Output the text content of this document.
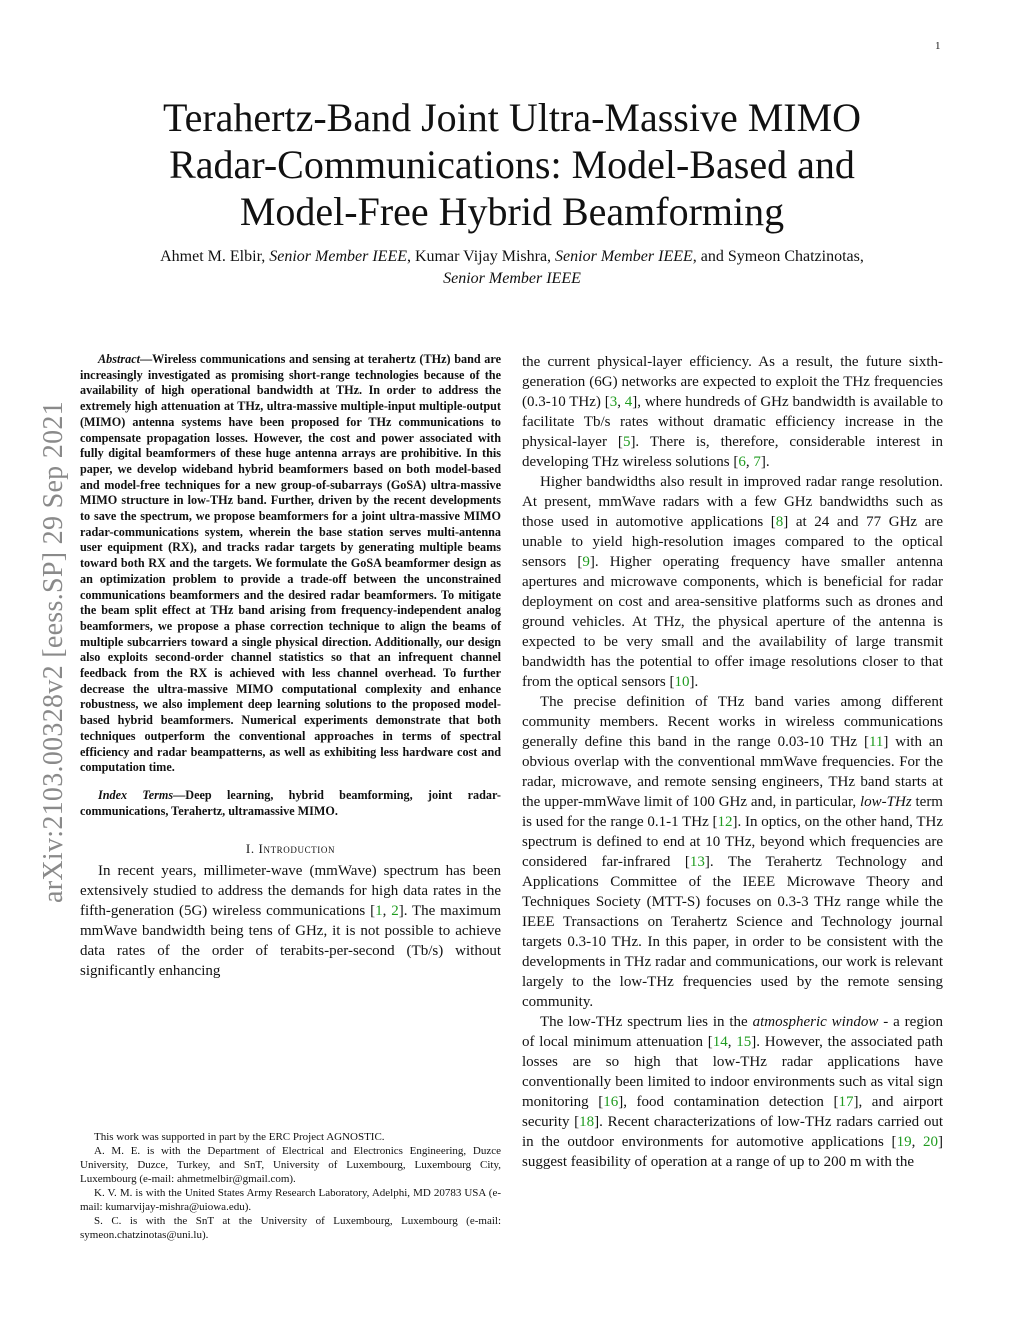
1
arXiv:2103.00328v2 [eess.SP] 29 Sep 2021
Terahertz-Band Joint Ultra-Massive MIMO
Radar-Communications: Model-Based and
Model-Free Hybrid Beamforming
Ahmet M. Elbir, Senior Member IEEE, Kumar Vijay Mishra, Senior Member IEEE, and Symeon Chatzinotas,
Senior Member IEEE

Abstract—Wireless communications and sensing at terahertz (THz) band are increasingly investigated as promising short-range technologies because of the availability of high operational bandwidth at THz. In order to address the extremely high attenuation at THz, ultra-massive multiple-input multiple-output (MIMO) antenna systems have been proposed for THz communications to compensate propagation losses. However, the cost and power associated with fully digital beamformers of these huge antenna arrays are prohibitive. In this paper, we develop wideband hybrid beamformers based on both model-based and model-free techniques for a new group-of-subarrays (GoSA) ultra-massive MIMO structure in low-THz band. Further, driven by the recent developments to save the spectrum, we propose beamformers for a joint ultra-massive MIMO radar-communications system, wherein the base station serves multi-antenna user equipment (RX), and tracks radar targets by generating multiple beams toward both RX and the targets. We formulate the GoSA beamformer design as an optimization problem to provide a trade-off between the unconstrained communications beamformers and the desired radar beamformers. To mitigate the beam split effect at THz band arising from frequency-independent analog beamformers, we propose a phase correction technique to align the beams of multiple subcarriers toward a single physical direction. Additionally, our design also exploits second-order channel statistics so that an infrequent channel feedback from the RX is achieved with less channel overhead. To further decrease the ultra-massive MIMO computational complexity and enhance robustness, we also implement deep learning solutions to the proposed model-based hybrid beamformers. Numerical experiments demonstrate that both techniques outperform the conventional approaches in terms of spectral efficiency and radar beampatterns, as well as exhibiting less hardware cost and computation time.

Index Terms—Deep learning, hybrid beamforming, joint radar-communications, Terahertz, ultramassive MIMO.

I. Introduction

In recent years, millimeter-wave (mmWave) spectrum has been extensively studied to address the demands for high data rates in the fifth-generation (5G) wireless communications [1, 2]. The maximum mmWave bandwidth being tens of GHz, it is not possible to achieve data rates of the order of terabits-per-second (Tb/s) without significantly enhancing

This work was supported in part by the ERC Project AGNOSTIC.

A. M. E. is with the Department of Electrical and Electronics Engineering, Duzce University, Duzce, Turkey, and SnT, University of Luxembourg, Luxembourg City, Luxembourg (e-mail: ahmetmelbir@gmail.com).

K. V. M. is with the United States Army Research Laboratory, Adelphi, MD 20783 USA (e-mail: kumarvijay-mishra@uiowa.edu).

S. C. is with the SnT at the University of Luxembourg, Luxembourg (e-mail: symeon.chatzinotas@uni.lu).

the current physical-layer efficiency. As a result, the future sixth-generation (6G) networks are expected to exploit the THz frequencies (0.3-10 THz) [3, 4], where hundreds of GHz bandwidth is available to facilitate Tb/s rates without dramatic efficiency increase in the physical-layer [5]. There is, therefore, considerable interest in developing THz wireless solutions [6, 7].

Higher bandwidths also result in improved radar range resolution. At present, mmWave radars with a few GHz bandwidths such as those used in automotive applications [8] at 24 and 77 GHz are unable to yield high-resolution images compared to the optical sensors [9]. Higher operating frequency have smaller antenna apertures and microwave components, which is beneficial for radar deployment on cost and area-sensitive platforms such as drones and ground vehicles. At THz, the physical aperture of the antenna is expected to be very small and the availability of large transmit bandwidth has the potential to offer image resolutions closer to that from the optical sensors [10].

The precise definition of THz band varies among different community members. Recent works in wireless communications generally define this band in the range 0.03-10 THz [11] with an obvious overlap with the conventional mmWave frequencies. For the radar, microwave, and remote sensing engineers, THz band starts at the upper-mmWave limit of 100 GHz and, in particular, low-THz term is used for the range 0.1-1 THz [12]. In optics, on the other hand, THz spectrum is defined to end at 10 THz, beyond which frequencies are considered far-infrared [13]. The Terahertz Technology and Applications Committee of the IEEE Microwave Theory and Techniques Society (MTT-S) focuses on 0.3-3 THz range while the IEEE Transactions on Terahertz Science and Technology journal targets 0.3-10 THz. In this paper, in order to be consistent with the developments in THz radar and communications, our work is relevant largely to the low-THz frequencies used by the remote sensing community.

The low-THz spectrum lies in the atmospheric window - a region of local minimum attenuation [14, 15]. However, the associated path losses are so high that low-THz radar applications have conventionally been limited to indoor environments such as vital sign monitoring [16], food contamination detection [17], and airport security [18]. Recent characterizations of low-THz radars carried out in the outdoor environments for automotive applications [19, 20] suggest feasibility of operation at a range of up to 200 m with the
